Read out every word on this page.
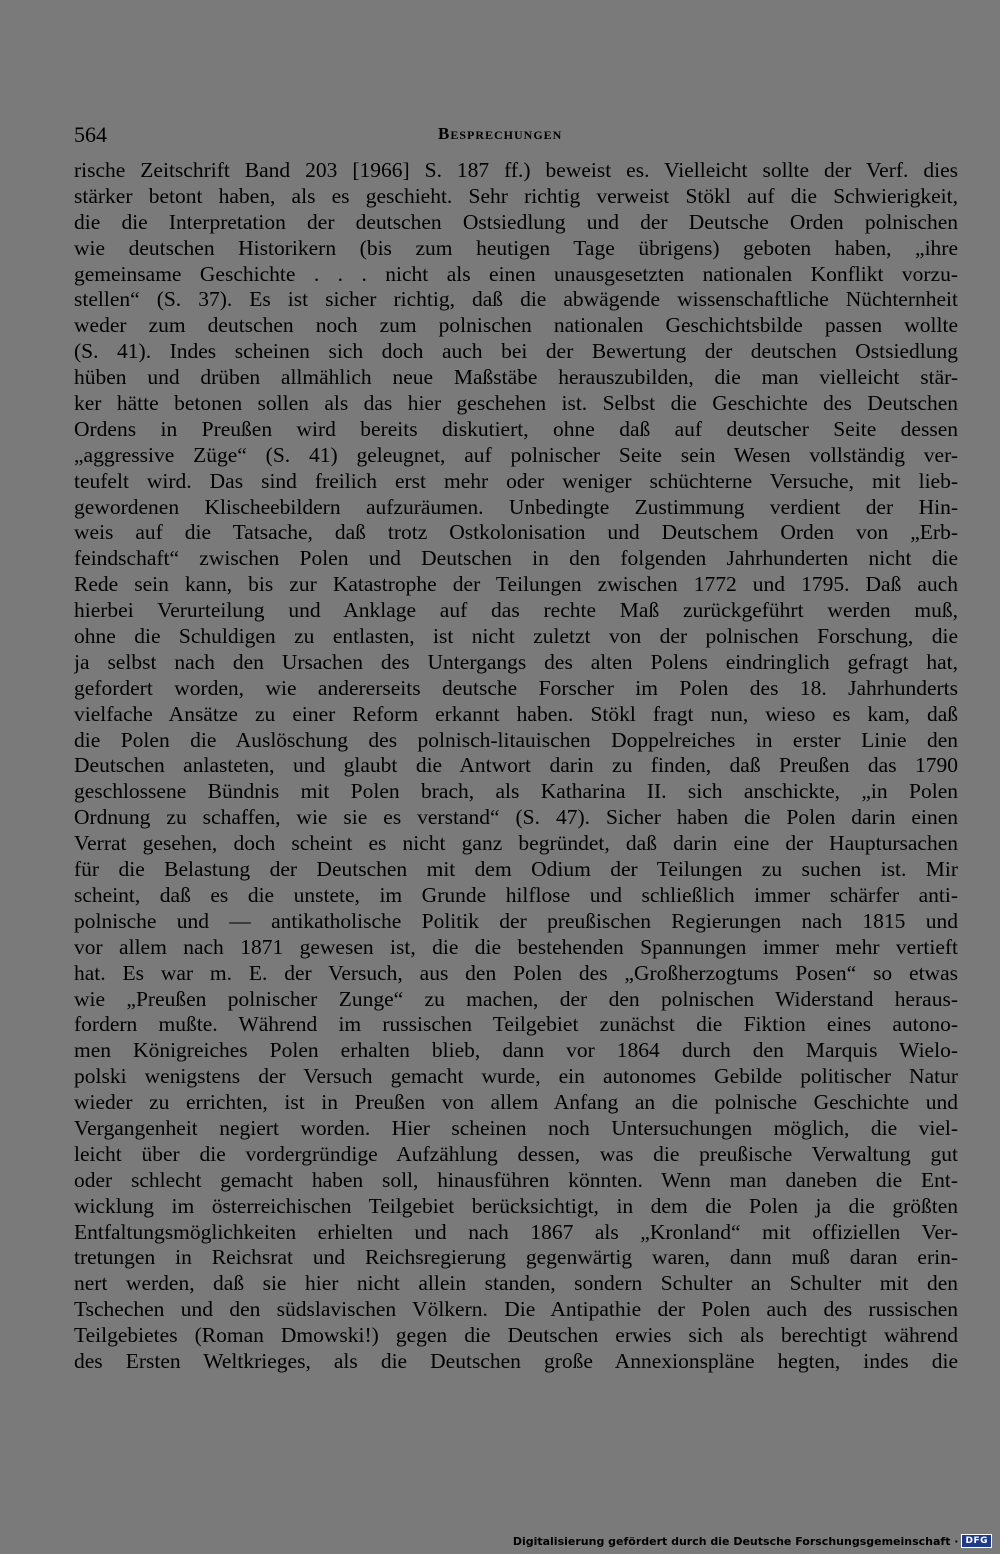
564	Besprechungen
rische Zeitschrift Band 203 [1966] S. 187 ff.) beweist es. Vielleicht sollte der Verf. dies
stärker betont haben, als es geschieht. Sehr richtig verweist Stökl auf die Schwierigkeit,
die die Interpretation der deutschen Ostsiedlung und der Deutsche Orden polnischen
wie deutschen Historikern (bis zum heutigen Tage übrigens) geboten haben, „ihre
gemeinsame Geschichte . . . nicht als einen unausgesetzten nationalen Konflikt vorzu-
stellen“ (S. 37). Es ist sicher richtig, daß die abwägende wissenschaftliche Nüchternheit
weder zum deutschen noch zum polnischen nationalen Geschichtsbilde passen wollte
(S. 41). Indes scheinen sich doch auch bei der Bewertung der deutschen Ostsiedlung
hüben und drüben allmählich neue Maßstäbe herauszubilden, die man vielleicht stär-
ker hätte betonen sollen als das hier geschehen ist. Selbst die Geschichte des Deutschen
Ordens in Preußen wird bereits diskutiert, ohne daß auf deutscher Seite dessen
„aggressive Züge“ (S. 41) geleugnet, auf polnischer Seite sein Wesen vollständig ver-
teufelt wird. Das sind freilich erst mehr oder weniger schüchterne Versuche, mit lieb-
gewordenen Klischeebildern aufzuräumen. Unbedingte Zustimmung verdient der Hin-
weis auf die Tatsache, daß trotz Ostkolonisation und Deutschem Orden von „Erb-
feindschaft“ zwischen Polen und Deutschen in den folgenden Jahrhunderten nicht die
Rede sein kann, bis zur Katastrophe der Teilungen zwischen 1772 und 1795. Daß auch
hierbei Verurteilung und Anklage auf das rechte Maß zurückgeführt werden muß,
ohne die Schuldigen zu entlasten, ist nicht zuletzt von der polnischen Forschung, die
ja selbst nach den Ursachen des Untergangs des alten Polens eindringlich gefragt hat,
gefordert worden, wie andererseits deutsche Forscher im Polen des 18. Jahrhunderts
vielfache Ansätze zu einer Reform erkannt haben. Stökl fragt nun, wieso es kam, daß
die Polen die Auslöschung des polnisch-litauischen Doppelreiches in erster Linie den
Deutschen anlasteten, und glaubt die Antwort darin zu finden, daß Preußen das 1790
geschlossene Bündnis mit Polen brach, als Katharina II. sich anschickte, „in Polen
Ordnung zu schaffen, wie sie es verstand“ (S. 47). Sicher haben die Polen darin einen
Verrat gesehen, doch scheint es nicht ganz begründet, daß darin eine der Hauptursachen
für die Belastung der Deutschen mit dem Odium der Teilungen zu suchen ist. Mir
scheint, daß es die unstete, im Grunde hilflose und schließlich immer schärfer anti-
polnische und — antikatholische Politik der preußischen Regierungen nach 1815 und
vor allem nach 1871 gewesen ist, die die bestehenden Spannungen immer mehr vertieft
hat. Es war m. E. der Versuch, aus den Polen des „Großherzogtums Posen“ so etwas
wie „Preußen polnischer Zunge“ zu machen, der den polnischen Widerstand heraus-
fordern mußte. Während im russischen Teilgebiet zunächst die Fiktion eines autono-
men Königreiches Polen erhalten blieb, dann vor 1864 durch den Marquis Wielo-
polski wenigstens der Versuch gemacht wurde, ein autonomes Gebilde politischer Natur
wieder zu errichten, ist in Preußen von allem Anfang an die polnische Geschichte und
Vergangenheit negiert worden. Hier scheinen noch Untersuchungen möglich, die viel-
leicht über die vordergründige Aufzählung dessen, was die preußische Verwaltung gut
oder schlecht gemacht haben soll, hinausführen könnten. Wenn man daneben die Ent-
wicklung im österreichischen Teilgebiet berücksichtigt, in dem die Polen ja die größten
Entfaltungsmöglichkeiten erhielten und nach 1867 als „Kronland“ mit offiziellen Ver-
tretungen in Reichsrat und Reichsregierung gegenwärtig waren, dann muß daran erin-
nert werden, daß sie hier nicht allein standen, sondern Schulter an Schulter mit den
Tschechen und den südslavischen Völkern. Die Antipathie der Polen auch des russischen
Teilgebietes (Roman Dmowski!) gegen die Deutschen erwies sich als berechtigt während
des Ersten Weltkrieges, als die Deutschen große Annexionspläne hegten, indes die
Digitalisierung gefördert durch die Deutsche Forschungsgemeinschaft · DFG
